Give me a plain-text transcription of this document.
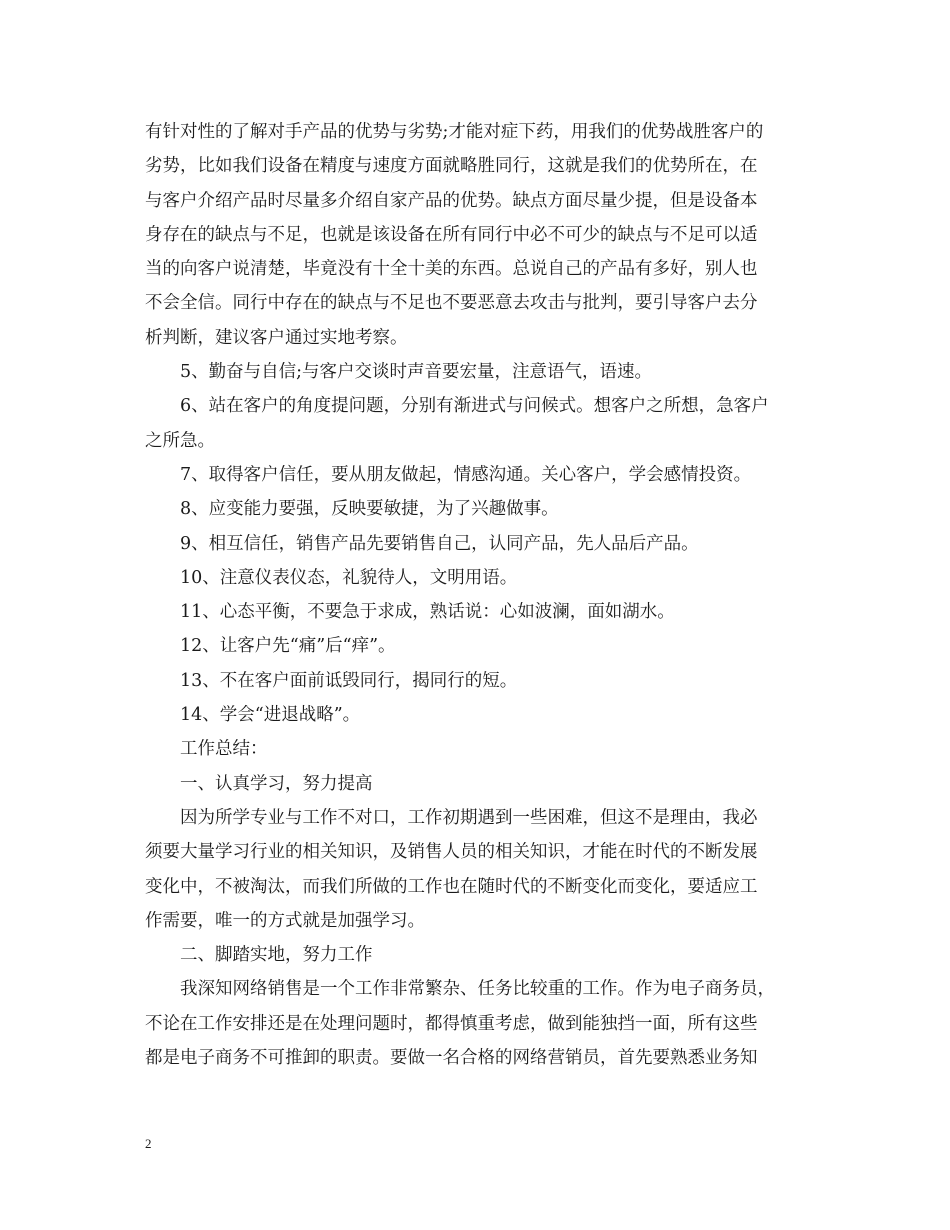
有针对性的了解对手产品的优势与劣势;才能对症下药，用我们的优势战胜客户的
劣势，比如我们设备在精度与速度方面就略胜同行，这就是我们的优势所在，在
与客户介绍产品时尽量多介绍自家产品的优势。缺点方面尽量少提，但是设备本
身存在的缺点与不足，也就是该设备在所有同行中必不可少的缺点与不足可以适
当的向客户说清楚，毕竟没有十全十美的东西。总说自己的产品有多好，别人也
不会全信。同行中存在的缺点与不足也不要恶意去攻击与批判，要引导客户去分
析判断，建议客户通过实地考察。
　　5、勤奋与自信;与客户交谈时声音要宏量，注意语气，语速。
　　6、站在客户的角度提问题，分别有渐进式与问候式。想客户之所想，急客户
之所急。
　　7、取得客户信任，要从朋友做起，情感沟通。关心客户，学会感情投资。
　　8、应变能力要强，反映要敏捷，为了兴趣做事。
　　9、相互信任，销售产品先要销售自己，认同产品，先人品后产品。
　　10、注意仪表仪态，礼貌待人，文明用语。
　　11、心态平衡，不要急于求成，熟话说：心如波澜，面如湖水。
　　12、让客户先“痛”后“痒”。
　　13、不在客户面前诋毁同行，揭同行的短。
　　14、学会“进退战略”。
　　工作总结：
　　一、认真学习，努力提高
　　因为所学专业与工作不对口，工作初期遇到一些困难，但这不是理由，我必
须要大量学习行业的相关知识，及销售人员的相关知识，才能在时代的不断发展
变化中，不被淘汰，而我们所做的工作也在随时代的不断变化而变化，要适应工
作需要，唯一的方式就是加强学习。
　　二、脚踏实地，努力工作
　　我深知网络销售是一个工作非常繁杂、任务比较重的工作。作为电子商务员，
不论在工作安排还是在处理问题时，都得慎重考虑，做到能独挡一面，所有这些
都是电子商务不可推卸的职责。要做一名合格的网络营销员，首先要熟悉业务知

2
